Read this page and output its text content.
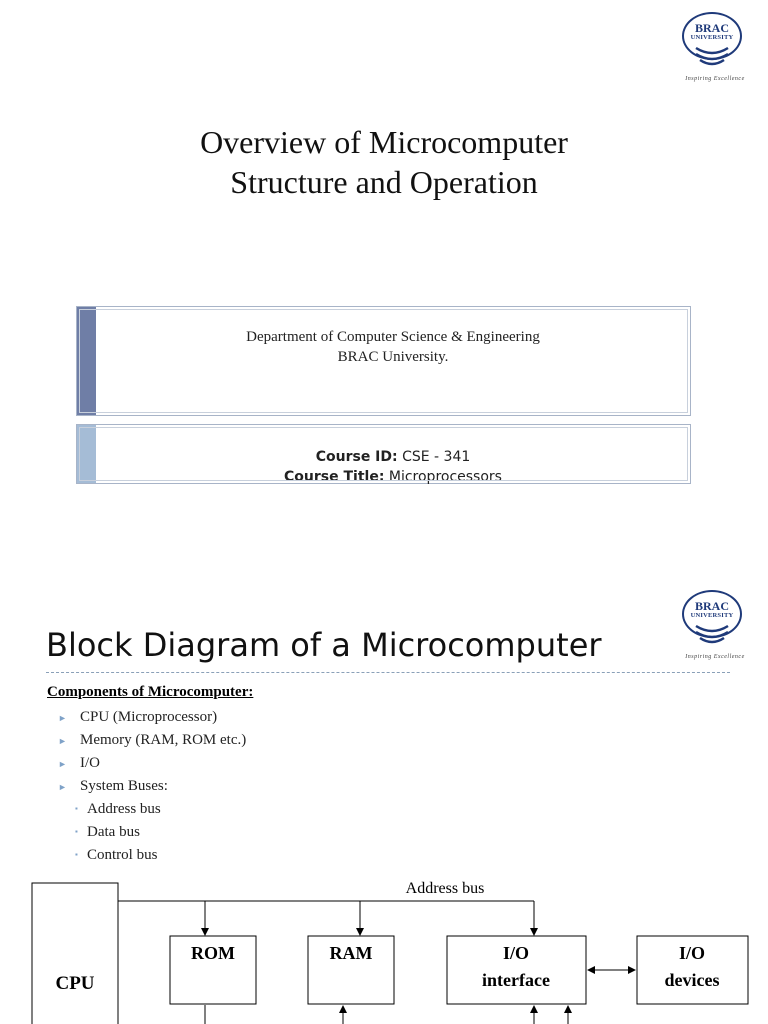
BRAC
UNIVERSITY
Inspiring Excellence
Overview of Microcomputer
Structure and Operation
Department of Computer Science & Engineering
BRAC University.
Course ID: CSE - 341
Course Title: Microprocessors
BRAC
UNIVERSITY
Inspiring Excellence
Block Diagram of a Microcomputer
Components of Microcomputer:
► CPU (Microprocessor)
► Memory (RAM, ROM etc.)
► I/O
► System Buses:
▪ Address bus
▪ Data bus
▪ Control bus
CPU
Address bus
ROM	RAM	I/O
interface
I/O
devices
